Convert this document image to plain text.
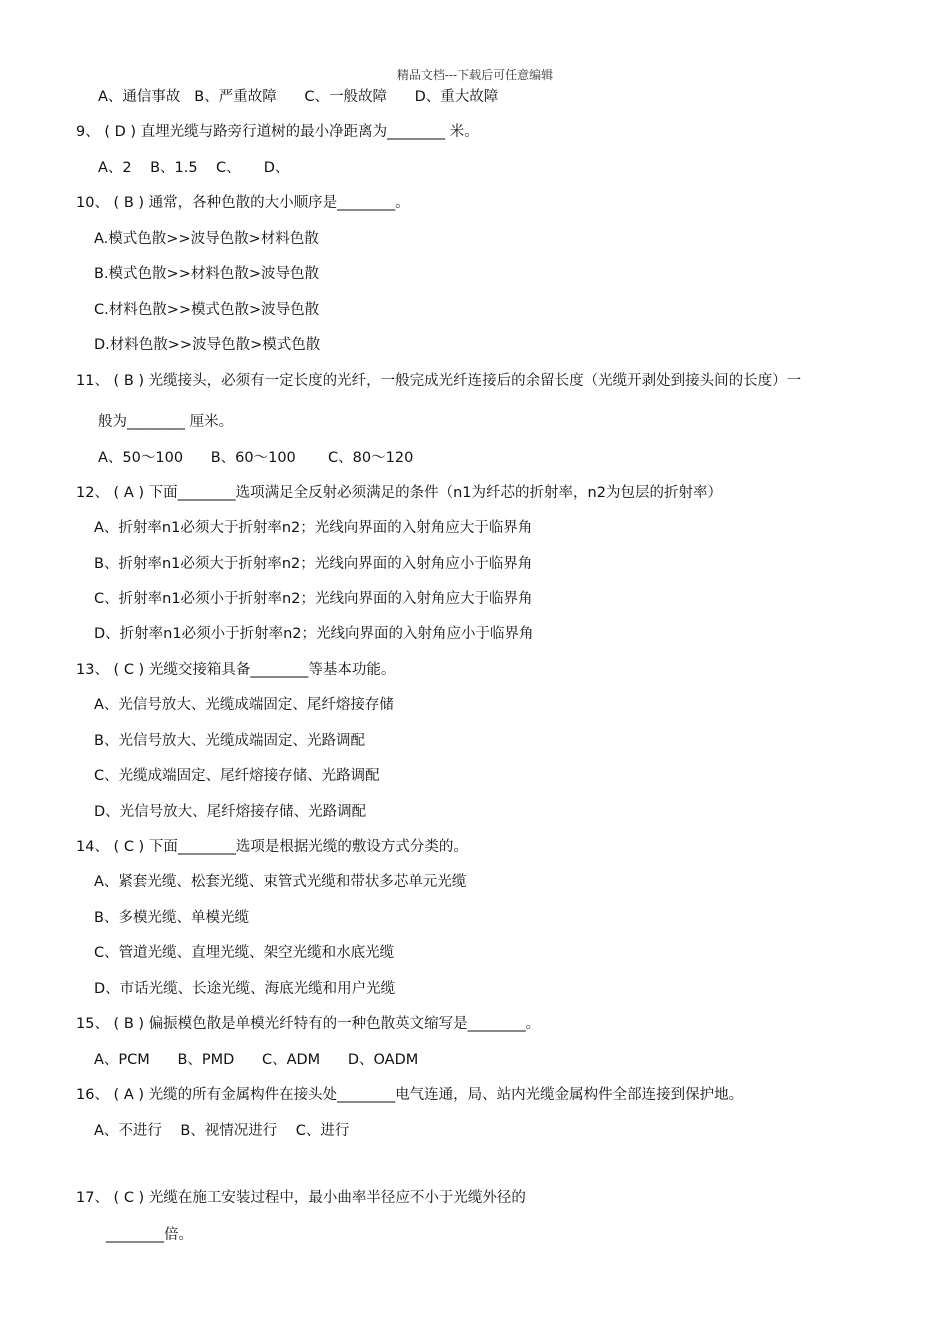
精品文档---下载后可任意编辑
A、通信事故   B、严重故障      C、一般故障      D、重大故障
9、 ( D ) 直埋光缆与路旁行道树的最小净距离为________ 米。
A、2    B、1.5    C、     D、
10、 ( B ) 通常，各种色散的大小顺序是________。
A.模式色散>>波导色散>材料色散
B.模式色散>>材料色散>波导色散
C.材料色散>>模式色散>波导色散
D.材料色散>>波导色散>模式色散
11、 ( B ) 光缆接头，必须有一定长度的光纤，一般完成光纤连接后的余留长度（光缆开剥处到接头间的长度）一
般为________ 厘米。
A、50～100      B、60～100       C、80～120
12、 ( A ) 下面________选项满足全反射必须满足的条件（n1为纤芯的折射率，n2为包层的折射率）
A、折射率n1必须大于折射率n2；光线向界面的入射角应大于临界角
B、折射率n1必须大于折射率n2；光线向界面的入射角应小于临界角
C、折射率n1必须小于折射率n2；光线向界面的入射角应大于临界角
D、折射率n1必须小于折射率n2；光线向界面的入射角应小于临界角
13、 ( C ) 光缆交接箱具备________等基本功能。
A、光信号放大、光缆成端固定、尾纤熔接存储
B、光信号放大、光缆成端固定、光路调配
C、光缆成端固定、尾纤熔接存储、光路调配
D、光信号放大、尾纤熔接存储、光路调配
14、 ( C ) 下面________选项是根据光缆的敷设方式分类的。
A、紧套光缆、松套光缆、束管式光缆和带状多芯单元光缆
B、多模光缆、单模光缆
C、管道光缆、直埋光缆、架空光缆和水底光缆
D、市话光缆、长途光缆、海底光缆和用户光缆
15、 ( B ) 偏振模色散是单模光纤特有的一种色散英文缩写是________。
A、PCM      B、PMD      C、ADM      D、OADM
16、 ( A ) 光缆的所有金属构件在接头处________电气连通，局、站内光缆金属构件全部连接到保护地。
A、不进行    B、视情况进行    C、进行
17、 ( C ) 光缆在施工安装过程中，最小曲率半径应不小于光缆外径的
________倍。
